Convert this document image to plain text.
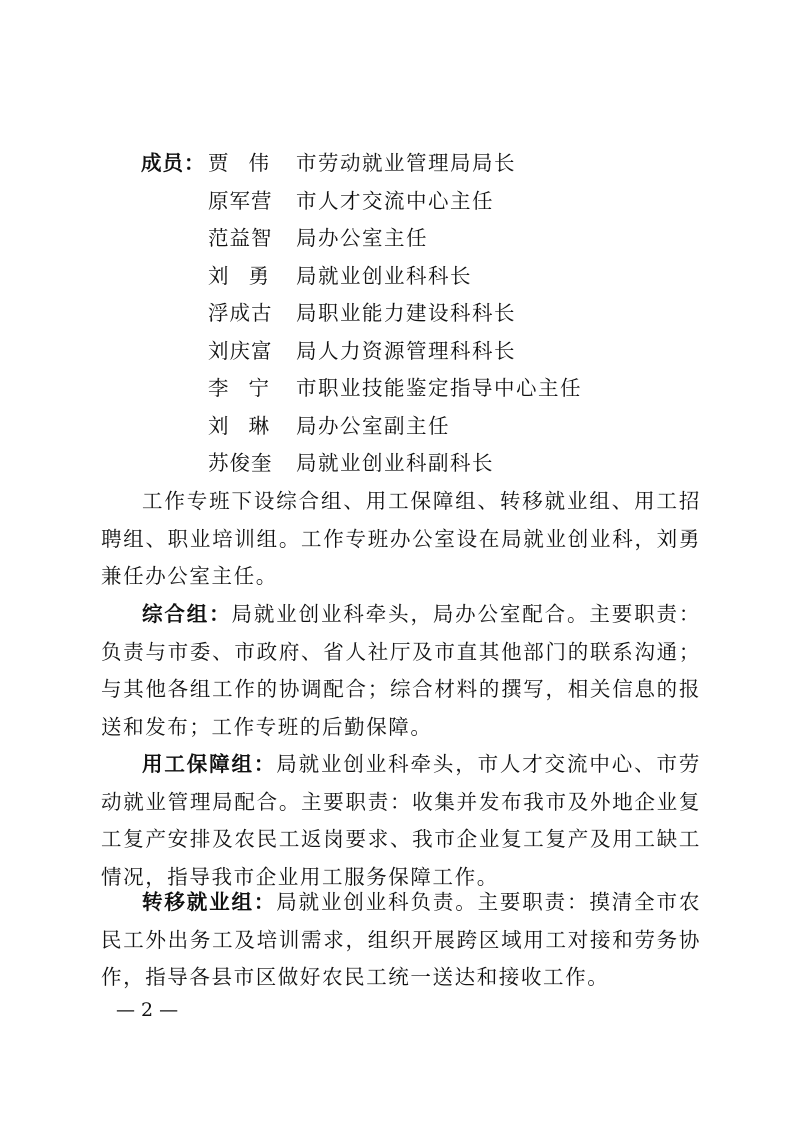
成员： 贾伟 市劳动就业管理局局长
原军营	市人才交流中心主任
范益智	局办公室主任
刘勇 局就业创业科科长
浮成古	局职业能力建设科科长
刘庆富	局人力资源管理科科长
李宁 市职业技能鉴定指导中心主任
刘琳 局办公室副主任
苏俊奎	局就业创业科副科长

工作专班下设综合组、用工保障组、转移就业组、用工招聘组、职业培训组。工作专班办公室设在局就业创业科，刘勇兼任办公室主任。

综合组：局就业创业科牵头，局办公室配合。主要职责：负责与市委、市政府、省人社厅及市直其他部门的联系沟通；与其他各组工作的协调配合；综合材料的撰写，相关信息的报送和发布；工作专班的后勤保障。

用工保障组：局就业创业科牵头，市人才交流中心、市劳动就业管理局配合。主要职责：收集并发布我市及外地企业复工复产安排及农民工返岗要求、我市企业复工复产及用工缺工情况，指导我市企业用工服务保障工作。

转移就业组：局就业创业科负责。主要职责：摸清全市农民工外出务工及培训需求，组织开展跨区域用工对接和劳务协作，指导各县市区做好农民工统一送达和接收工作。

— 2 —
